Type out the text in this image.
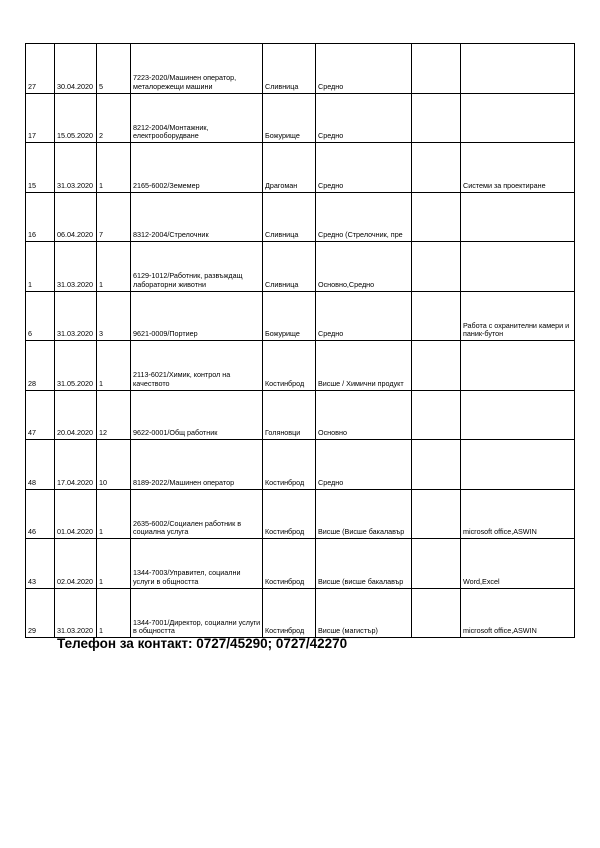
27	30.04.2020	5	7223-2020/Машинен оператор, металорежещи машини	Сливница	Средно		
17	15.05.2020	2	8212-2004/Монтажник, електрооборудване	Божурище	Средно		
15	31.03.2020	1	2165-6002/Земемер	Драгоман	Средно		Системи за проектиране
16	06.04.2020	7	8312-2004/Стрелочник	Сливница	Средно (Стрелочник, пре		
1	31.03.2020	1	6129-1012/Работник, развъждащ лабораторни животни	Сливница	Основно,Средно		
6	31.03.2020	3	9621-0009/Портиер	Божурище	Средно		Работа с охранителни камери и паник-бутон
28	31.05.2020	1	2113-6021/Химик, контрол на качеството	Костинброд	Висше / Химични продукт		
47	20.04.2020	12	9622-0001/Общ работник	Голяновци	Основно		
48	17.04.2020	10	8189-2022/Машинен оператор	Костинброд	Средно		
46	01.04.2020	1	2635-6002/Социален работник в социална услуга	Костинброд	Висше (Висше бакалавър		microsoft office,ASWIN
43	02.04.2020	1	1344-7003/Управител, социални услуги в общността	Костинброд	Висше (висше бакалавър		Word,Excel
29	31.03.2020	1	1344-7001/Директор, социални услуги в общността	Костинброд	Висше (магистър)		microsoft office,ASWIN
Телефон за контакт: 0727/45290; 0727/42270
